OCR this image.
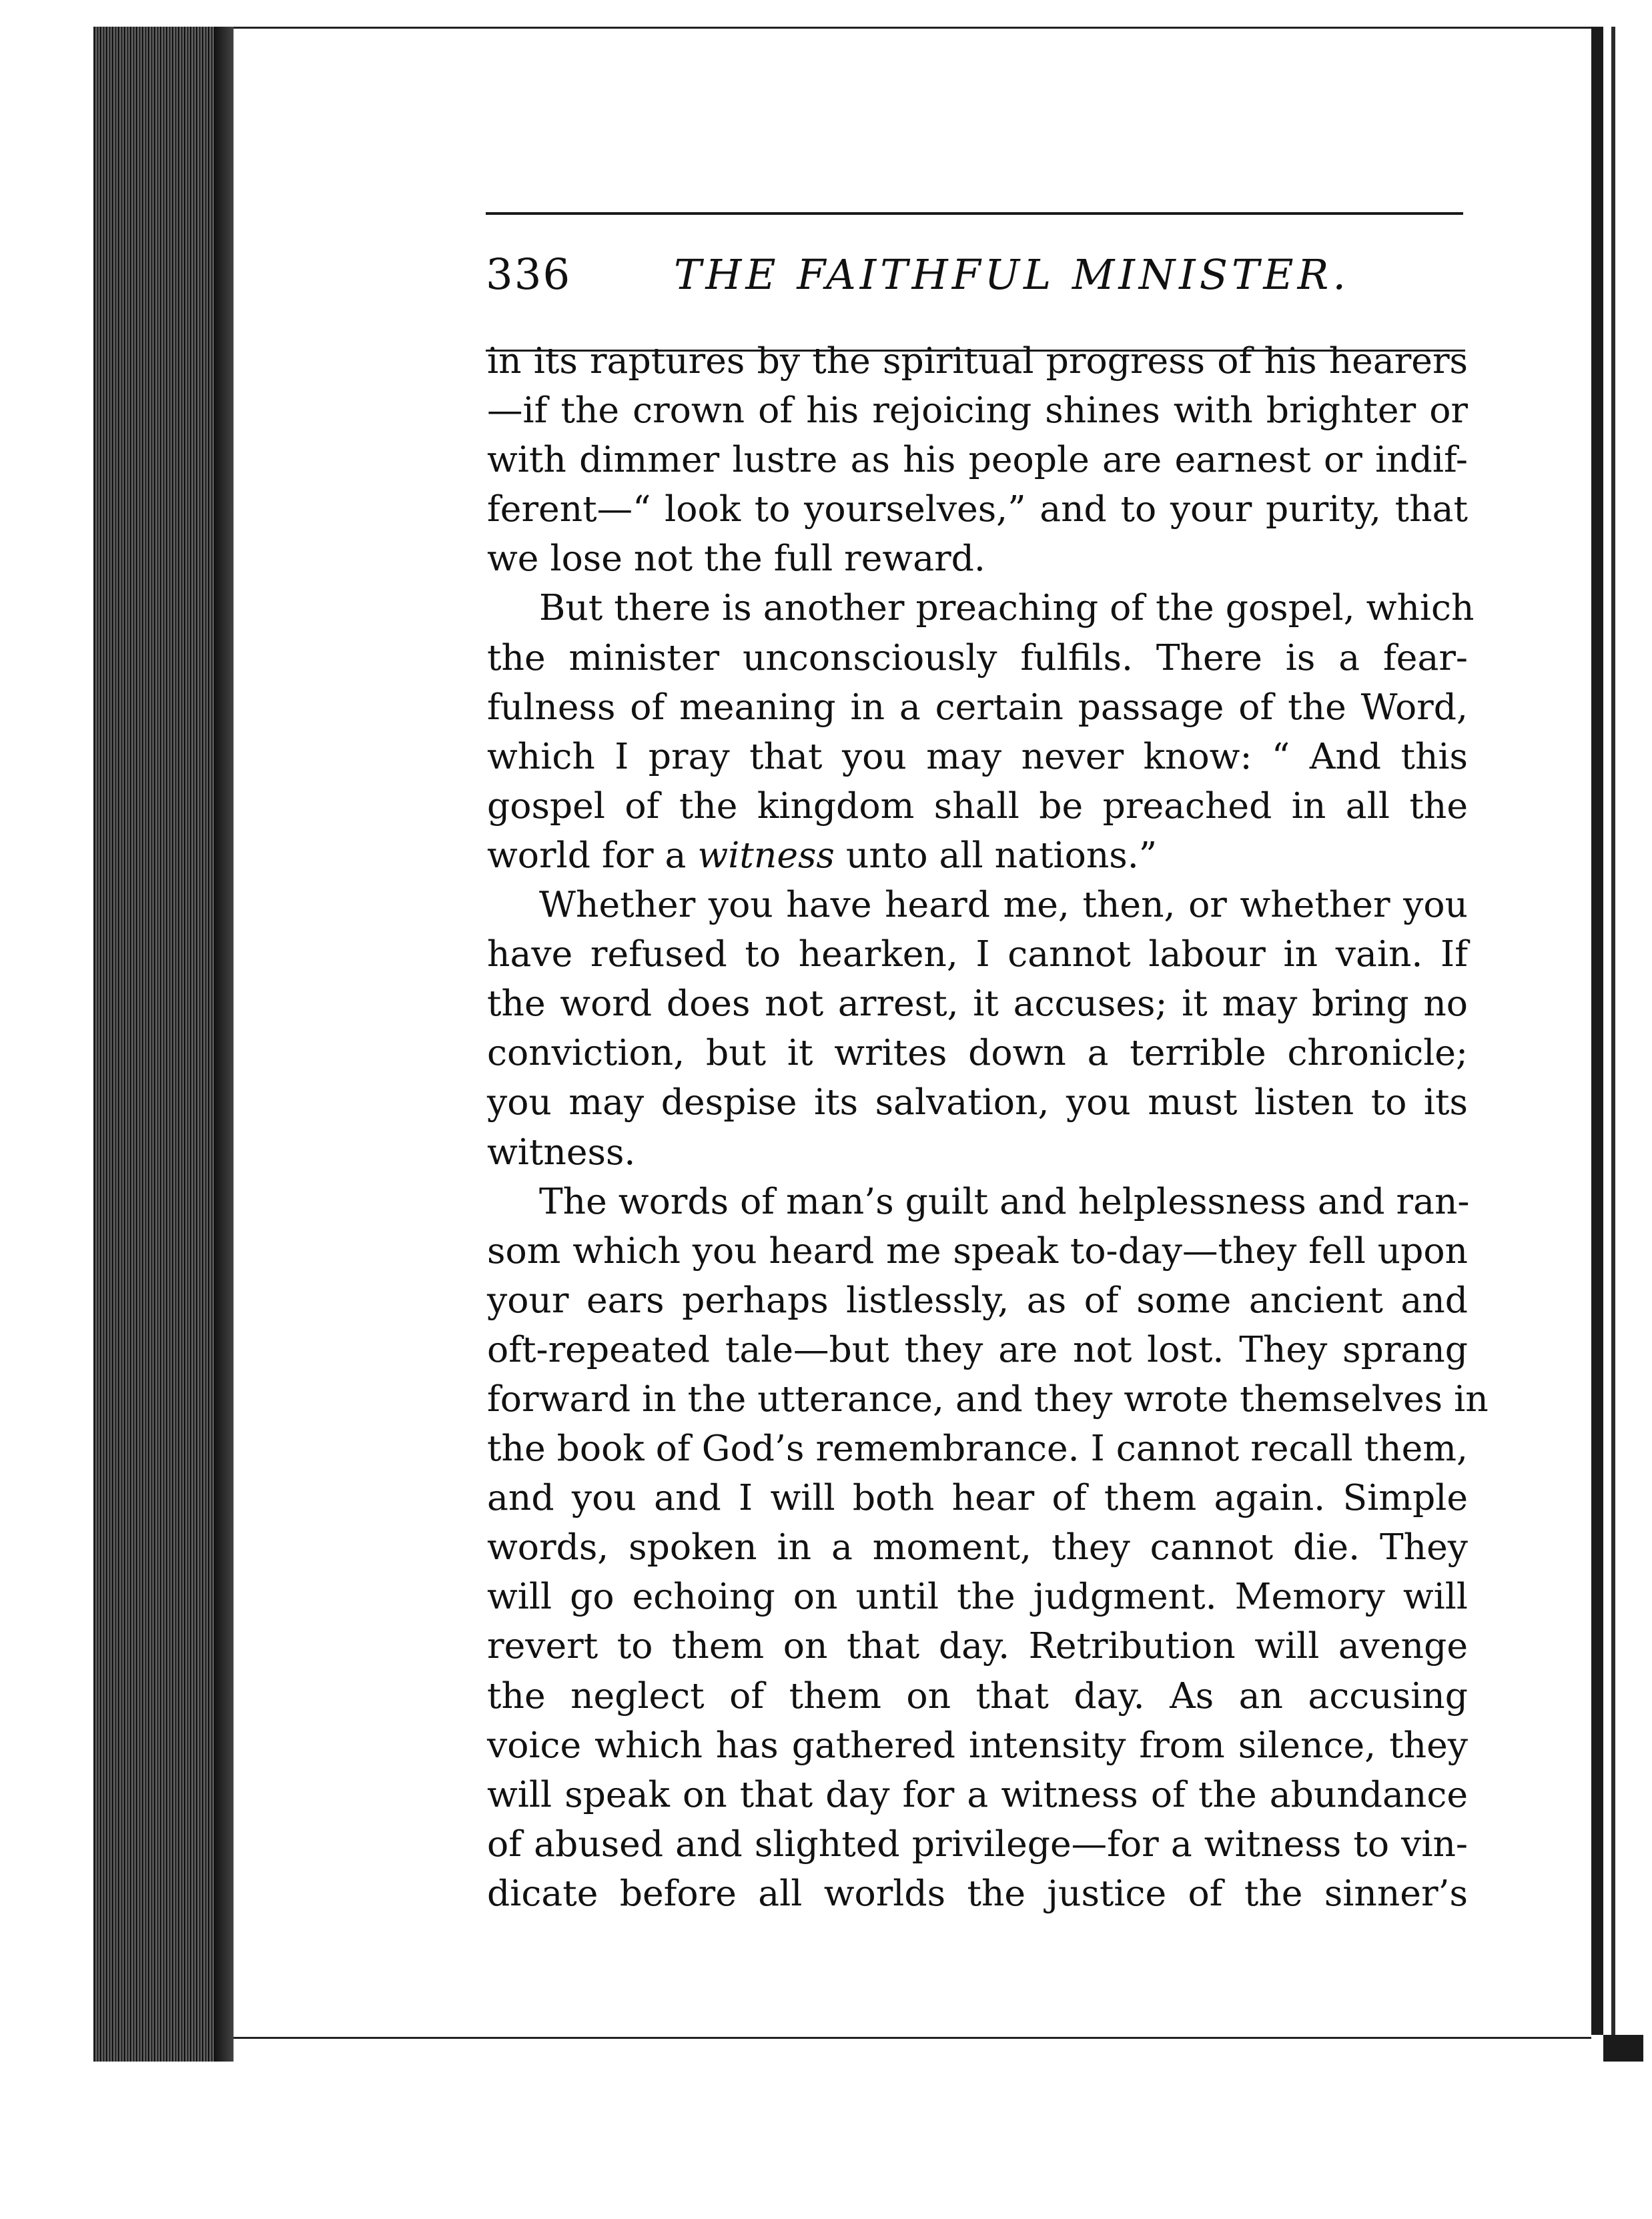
336 THE FAITHFUL MINISTER.
in its raptures by the spiritual progress of his hearers
—if the crown of his rejoicing shines with brighter or
with dimmer lustre as his people are earnest or indif-
ferent—“ look to yourselves,” and to your purity, that
we lose not the full reward.
But there is another preaching of the gospel, which
the minister unconsciously fulfils. There is a fear-
fulness of meaning in a certain passage of the Word,
which I pray that you may never know: “ And this
gospel of the kingdom shall be preached in all the
world for a witness unto all nations.”
Whether you have heard me, then, or whether you
have refused to hearken, I cannot labour in vain. If
the word does not arrest, it accuses; it may bring no
conviction, but it writes down a terrible chronicle;
you may despise its salvation, you must listen to its
witness.
The words of man’s guilt and helplessness and ran-
som which you heard me speak to-day—they fell upon
your ears perhaps listlessly, as of some ancient and
oft-repeated tale—but they are not lost. They sprang
forward in the utterance, and they wrote themselves in
the book of God’s remembrance. I cannot recall them,
and you and I will both hear of them again. Simple
words, spoken in a moment, they cannot die. They
will go echoing on until the judgment. Memory will
revert to them on that day. Retribution will avenge
the neglect of them on that day. As an accusing
voice which has gathered intensity from silence, they
will speak on that day for a witness of the abundance
of abused and slighted privilege—for a witness to vin-
dicate before all worlds the justice of the sinner’s
